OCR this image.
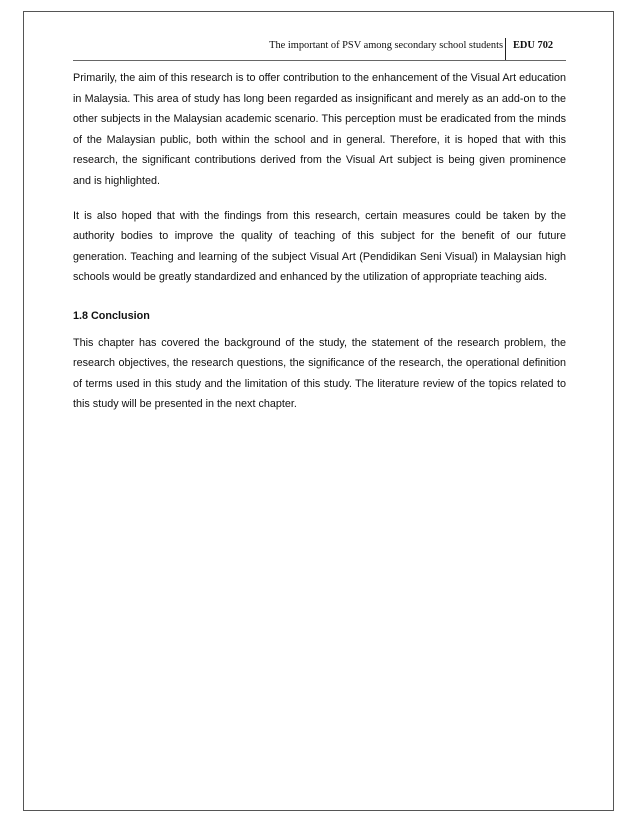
The important of PSV among secondary school students EDU 702

Primarily, the aim of this research is to offer contribution to the enhancement of the Visual Art education in Malaysia. This area of study has long been regarded as insignificant and merely as an add-on to the other subjects in the Malaysian academic scenario. This perception must be eradicated from the minds of the Malaysian public, both within the school and in general. Therefore, it is hoped that with this research, the significant contributions derived from the Visual Art subject is being given prominence and is highlighted.

It is also hoped that with the findings from this research, certain measures could be taken by the authority bodies to improve the quality of teaching of this subject for the benefit of our future generation. Teaching and learning of the subject Visual Art (Pendidikan Seni Visual) in Malaysian high schools would be greatly standardized and enhanced by the utilization of appropriate teaching aids.

1.8 Conclusion

This chapter has covered the background of the study, the statement of the research problem, the research objectives, the research questions, the significance of the research, the operational definition of terms used in this study and the limitation of this study. The literature review of the topics related to this study will be presented in the next chapter.
